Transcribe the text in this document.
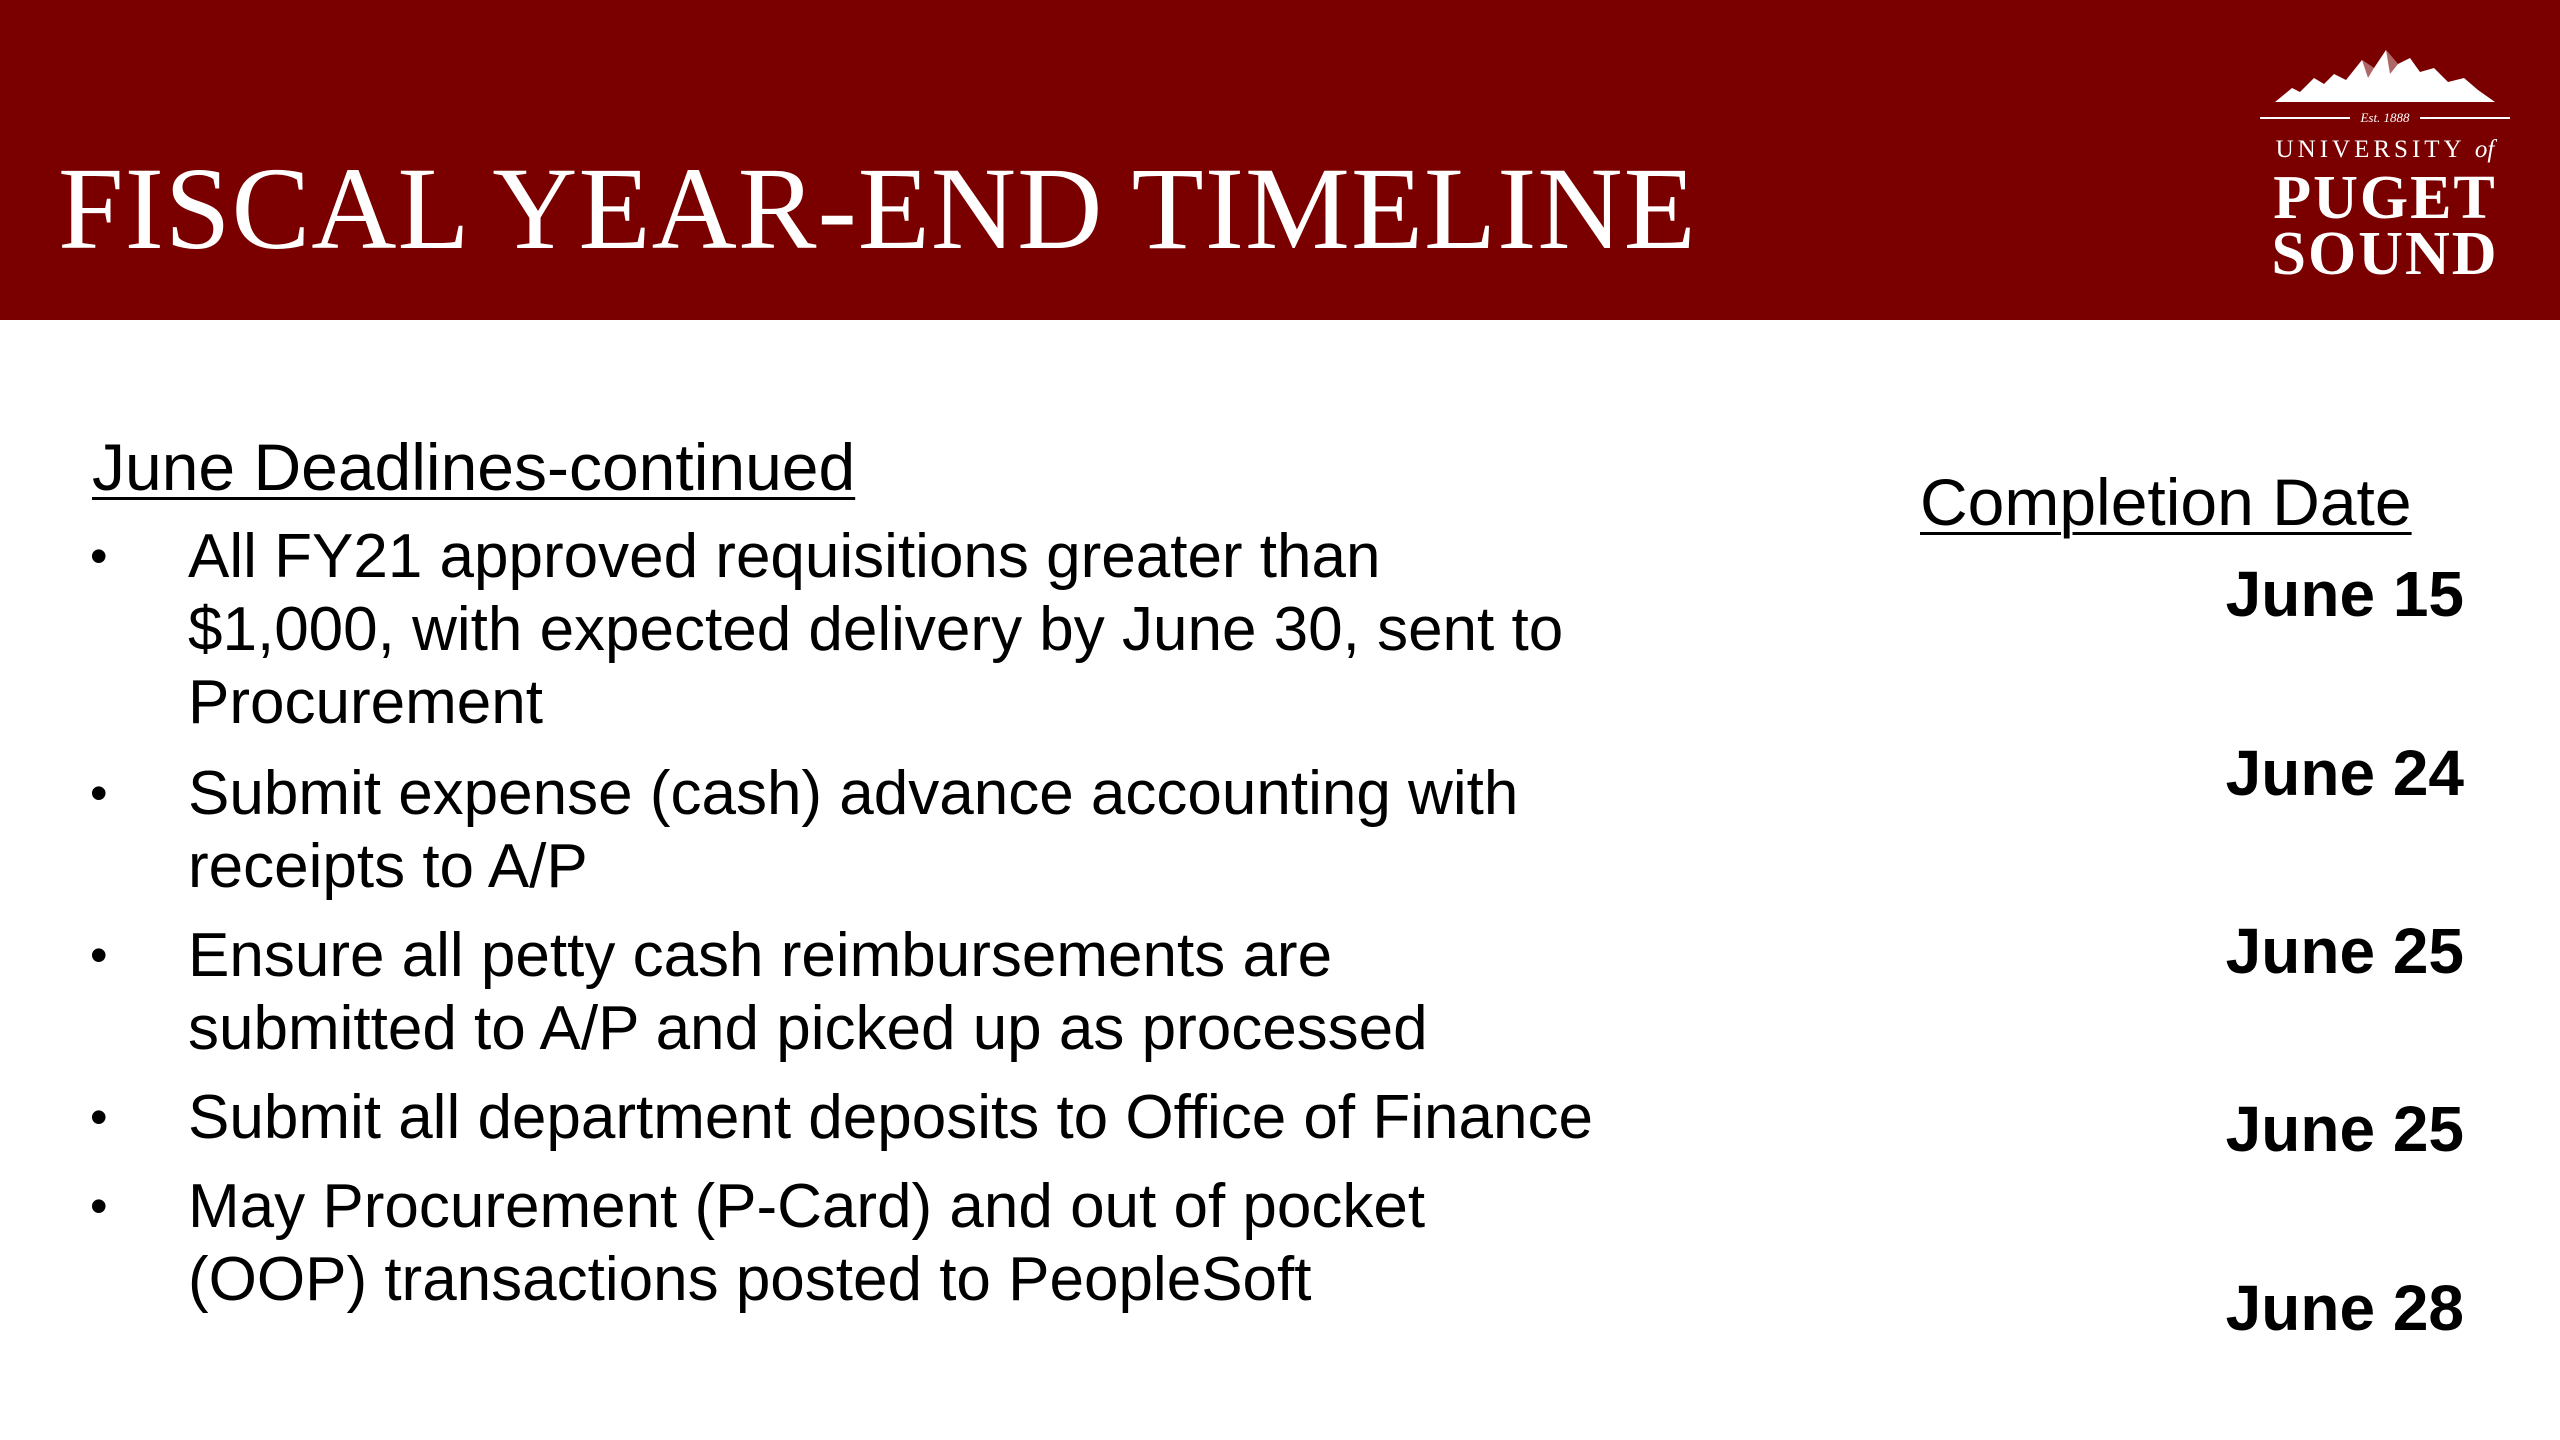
FISCAL YEAR-END TIMELINE
Est. 1888
UNIVERSITY of
PUGET
SOUND
June Deadlines-continued	Completion Date
• All FY21 approved requisitions greater than
$1,000, with expected delivery by June 30, sent to
Procurement
• Submit expense (cash) advance accounting with
receipts to A/P
• Ensure all petty cash reimbursements are
submitted to A/P and picked up as processed
• Submit all department deposits to Office of Finance
• May Procurement (P-Card) and out of pocket
(OOP) transactions posted to PeopleSoft
June 15
June 24
June 25
June 25
June 28
